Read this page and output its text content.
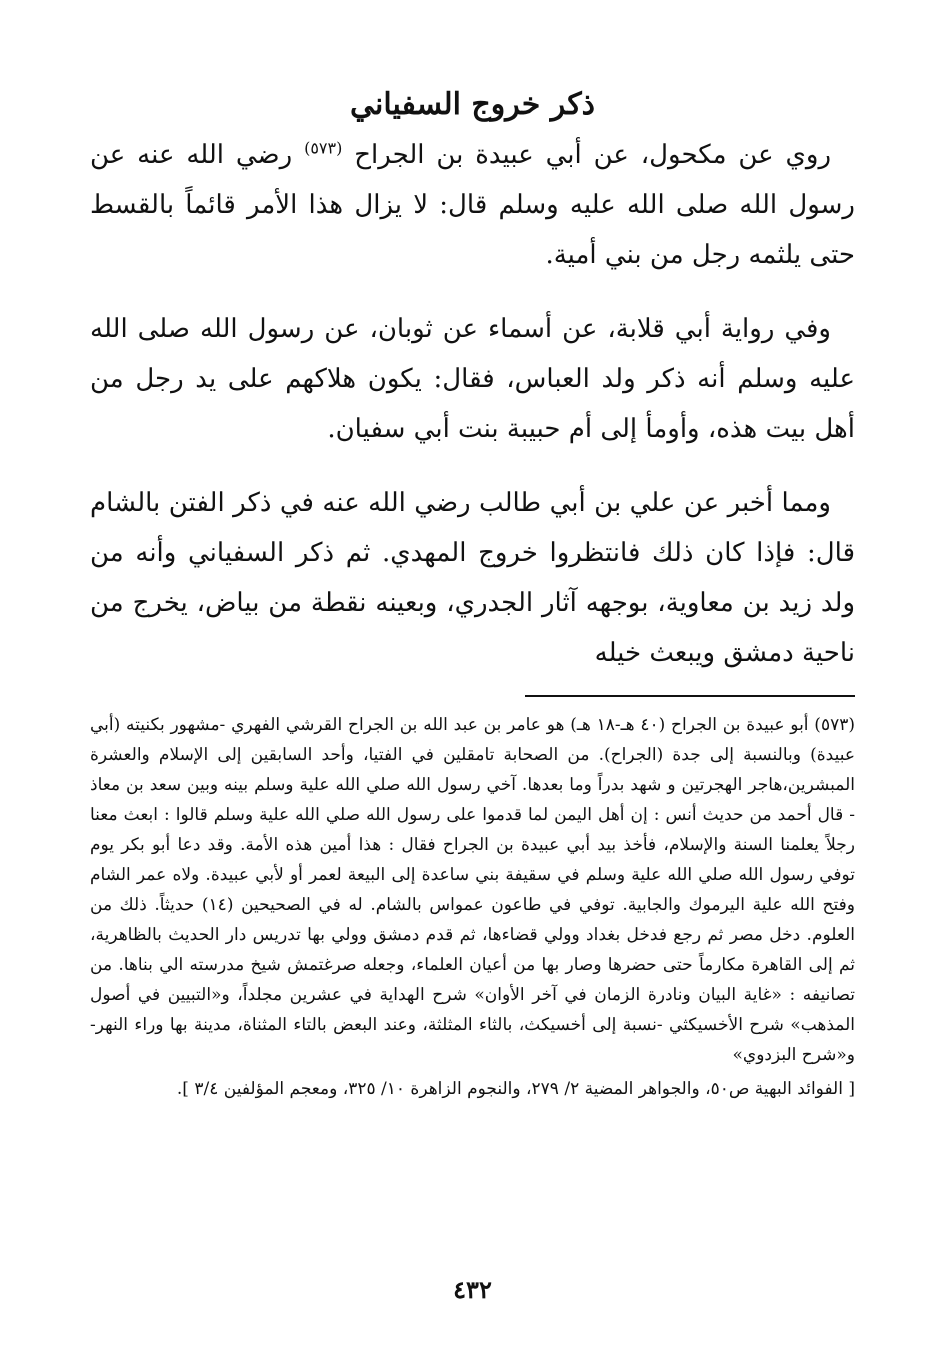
ذكر خروج السفياني

روي عن مكحول، عن أبي عبيدة بن الجراح $^{(٥٧٣)}$ رضي الله عنه عن رسول الله صلى الله عليه وسلم قال: لا يزال هذا الأمر قائماً بالقسط حتى يلثمه رجل من بني أمية.

وفي رواية أبي قلابة، عن أسماء عن ثوبان، عن رسول الله صلى الله عليه وسلم أنه ذكر ولد العباس، فقال: يكون هلاكهم على يد رجل من أهل بيت هذه، وأومأ إلى أم حبيبة بنت أبي سفيان.

ومما أخبر عن علي بن أبي طالب رضي الله عنه في ذكر الفتن بالشام قال: فإذا كان ذلك فانتظروا خروج المهدي. ثم ذكر السفياني وأنه من ولد زيد بن معاوية، بوجهه آثار الجدري، وبعينه نقطة من بياض، يخرج من ناحية دمشق ويبعث خيله

(٥٧٣) أبو عبيدة بن الجراح (٤٠ هـ-١٨ هـ) هو عامر بن عبد الله بن الجراح القرشي الفهري -مشهور بكنيته (أبي عبيدة) وبالنسبة إلى جدة (الجراح). من الصحابة تامقلين في الفتيا، وأحد السابقين إلى الإسلام والعشرة المبشرين،هاجر الهجرتين و شهد بدراً وما بعدها. آخي رسول الله صلي الله علية وسلم بينه وبين سعد بن معاذ - قال أحمد من حديث أنس : إن أهل اليمن لما قدموا على رسول الله صلي الله علية وسلم قالوا : ابعث معنا رجلاً يعلمنا السنة والإسلام، فأخذ بيد أبي عبيدة بن الجراح فقال : هذا أمين هذه الأمة. وقد دعا أبو بكر يوم توفي رسول الله صلي الله علية وسلم في سقيفة بني ساعدة إلى البيعة لعمر أو لأبي عبيدة. ولاه عمر الشام وفتح الله علية اليرموك والجابية. توفي في طاعون عمواس بالشام. له في الصحيحين (١٤) حديثاً. ذلك من العلوم. دخل مصر ثم رجع فدخل بغداد وولي قضاءها، ثم قدم دمشق وولي بها تدريس دار الحديث بالظاهرية، ثم إلى القاهرة مكارماً حتى حضرها وصار بها من أعيان العلماء، وجعله صرغتمش شيخ مدرسته الي بناها. من تصانيفه : «غاية البيان ونادرة الزمان في آخر الأوان» شرح الهداية في عشرين مجلداً، و«التبيين في أصول المذهب» شرح الأخسيكثي -نسبة إلى أخسيكث، بالثاء المثلثة، وعند البعض بالتاء المثناة، مدينة بها وراء النهر- و«شرح البزدوي»

[ الفوائد البهية ص٥٠، والجواهر المضية ٢/ ٢٧٩، والنجوم الزاهرة ١٠/ ٣٢٥، ومعجم المؤلفين ٣/٤ ].

٤٣٢
